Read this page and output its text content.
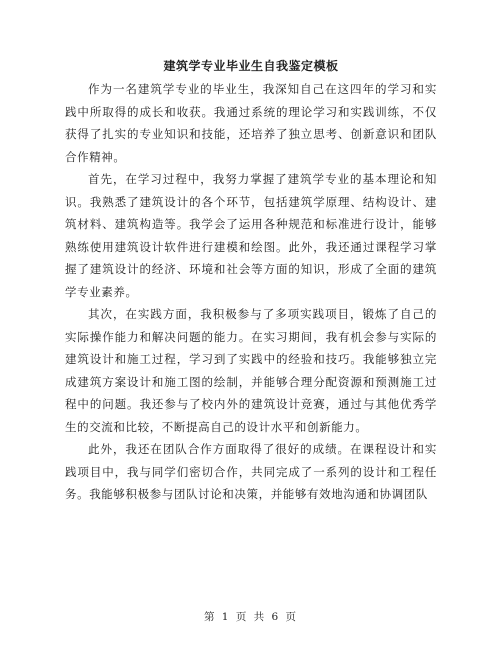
建筑学专业毕业生自我鉴定模板

作为一名建筑学专业的毕业生，我深知自己在这四年的学习和实践中所取得的成长和收获。我通过系统的理论学习和实践训练，不仅获得了扎实的专业知识和技能，还培养了独立思考、创新意识和团队合作精神。

首先，在学习过程中，我努力掌握了建筑学专业的基本理论和知识。我熟悉了建筑设计的各个环节，包括建筑学原理、结构设计、建筑材料、建筑构造等。我学会了运用各种规范和标准进行设计，能够熟练使用建筑设计软件进行建模和绘图。此外，我还通过课程学习掌握了建筑设计的经济、环境和社会等方面的知识，形成了全面的建筑学专业素养。

其次，在实践方面，我积极参与了多项实践项目，锻炼了自己的实际操作能力和解决问题的能力。在实习期间，我有机会参与实际的建筑设计和施工过程，学习到了实践中的经验和技巧。我能够独立完成建筑方案设计和施工图的绘制，并能够合理分配资源和预测施工过程中的问题。我还参与了校内外的建筑设计竞赛，通过与其他优秀学生的交流和比较，不断提高自己的设计水平和创新能力。

此外，我还在团队合作方面取得了很好的成绩。在课程设计和实践项目中，我与同学们密切合作，共同完成了一系列的设计和工程任务。我能够积极参与团队讨论和决策，并能够有效地沟通和协调团队

第 1 页 共 6 页
